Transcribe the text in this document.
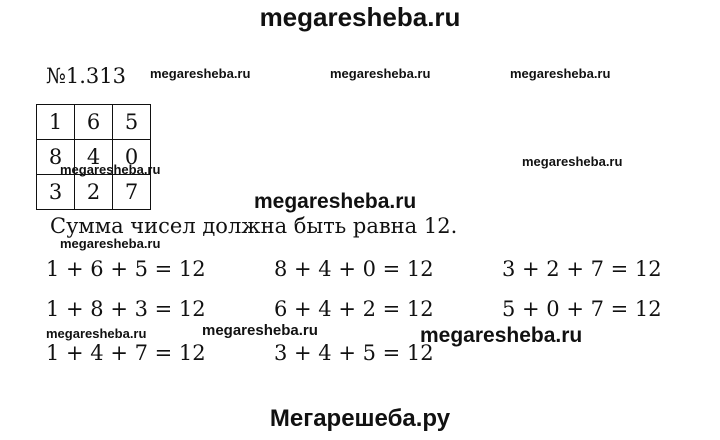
megaresheba.ru
№1.313 megaresheba.ru	megaresheba.ru	megaresheba.ru
megaresheba.ru
1	6	5
8	4	0
3	2	7
megaresheba.ru
megaresheba.ru
Сумма чисел должна быть равна 12.
megaresheba.ru
1 + 6 + 5 = 12	8 + 4 + 0 = 12	3 + 2 + 7 = 12
1 + 8 + 3 = 12	6 + 4 + 2 = 12	5 + 0 + 7 = 12
megaresheba.ru	megaresheba.ru	megaresheba.ru
1 + 4 + 7 = 12	3 + 4 + 5 = 12
Мегарешеба.ру
